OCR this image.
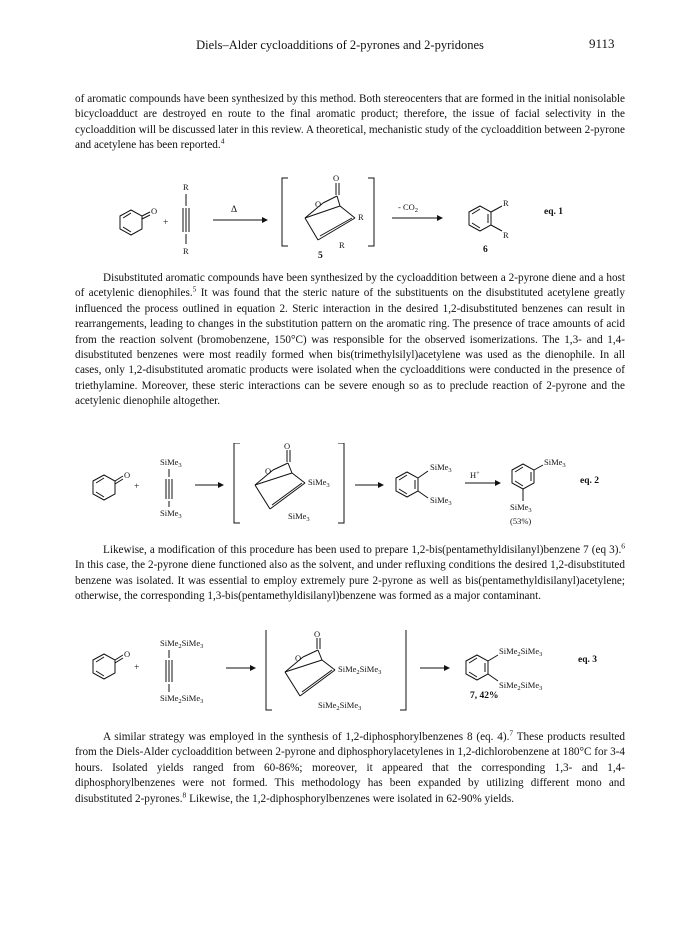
Diels–Alder cycloadditions of 2-pyrones and 2-pyridones	9113

of aromatic compounds have been synthesized by this method. Both stereocenters that are formed in the initial nonisolable bicycloadduct are destroyed en route to the final aromatic product; therefore, the issue of facial selectivity in the cycloaddition will be discussed later in this review. A theoretical, mechanistic study of the cycloaddition between 2-pyrone and acetylene has been reported.$^4$

O
+
R
R
Δ
O
O
R
R
5
- $CO_2$
R
R
6
eq. 1

Disubstituted aromatic compounds have been synthesized by the cycloaddition between a 2-pyrone diene and a host of acetylenic dienophiles.$^5$ It was found that the steric nature of the substituents on the disubstituted acetylene greatly influenced the process outlined in equation 2. Steric interaction in the desired 1,2-disubstituted benzenes can result in rearrangements, leading to changes in the substitution pattern on the aromatic ring. The presence of trace amounts of acid from the reaction solvent (bromobenzene, 150°C) was responsible for the observed isomerizations. The 1,3- and 1,4-disubstituted benzenes were most readily formed when bis(trimethylsilyl)acetylene was used as the dienophile. In all cases, only 1,2-disubstituted aromatic products were isolated when the cycloadditions were conducted in the presence of triethylamine. Moreover, these steric interactions can be severe enough so as to preclude reaction of 2-pyrone and the acetylenic dienophile altogether.

O
+
SiMe$_3$
SiMe$_3$
O
O
SiMe$_3$
SiMe$_3$
SiMe$_3$
SiMe$_3$
H+
SiMe$_3$
SiMe$_3$
(53%)
eq. 2

Likewise, a modification of this procedure has been used to prepare 1,2-bis(pentamethyldisilanyl)benzene 7 (eq 3).$^6$ In this case, the 2-pyrone diene functioned also as the solvent, and under refluxing conditions the desired 1,2-disubstituted benzene was isolated. It was essential to employ extremely pure 2-pyrone as well as bis(pentamethyldisilanyl)acetylene; otherwise, the corresponding 1,3-bis(pentamethyldisilanyl)benzene was formed as a major contaminant.

O
+
SiMe$_2$SiMe$_3$
SiMe$_2$SiMe$_3$
O
O
SiMe$_2$SiMe$_3$
SiMe$_2$SiMe$_3$
SiMe$_2$SiMe$_3$
SiMe$_2$SiMe$_3$
7, 42%
eq. 3

A similar strategy was employed in the synthesis of 1,2-diphosphorylbenzenes 8 (eq. 4).$^7$ These products resulted from the Diels-Alder cycloaddition between 2-pyrone and diphosphorylacetylenes in 1,2-dichlorobenzene at 180°C for 3-4 hours. Isolated yields ranged from 60-86%; moreover, it appeared that the corresponding 1,3- and 1,4-diphosphorylbenzenes were not formed. This methodology has been expanded by utilizing different mono and disubstituted 2-pyrones.$^8$ Likewise, the 1,2-diphosphorylbenzenes were isolated in 62-90% yields.
